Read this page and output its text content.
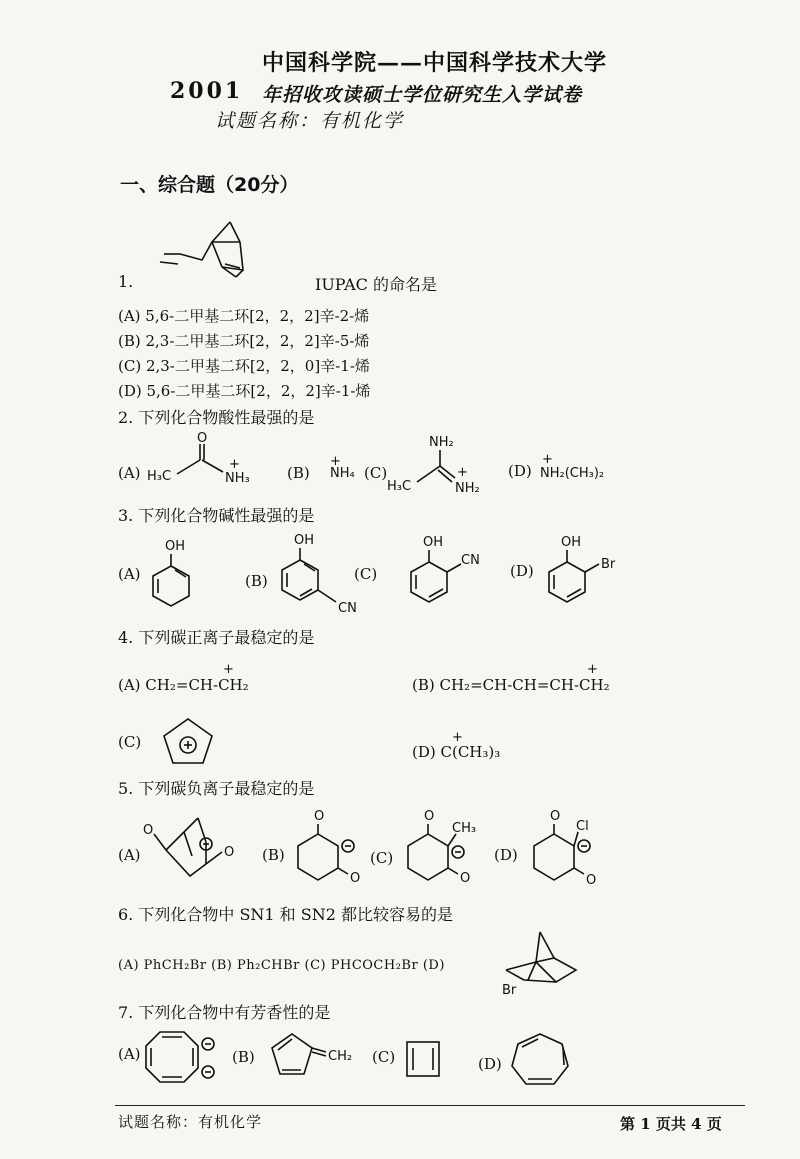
中国科学院——中国科学技术大学
2001 年招收攻读硕士学位研究生入学试卷
试题名称：有机化学
一、综合题（20分）
1.	IUPAC 的命名是
(A) 5,6-二甲基二环[2，2，2]辛-2-烯
(B) 2,3-二甲基二环[2，2，2]辛-5-烯
(C) 2,3-二甲基二环[2，2，0]辛-1-烯
(D) 5,6-二甲基二环[2，2，2]辛-1-烯
2. 下列化合物酸性最强的是
(A) H₃C
O
NH₃
+	(B)
+
NH₄ (C)
NH₂
H₃C	NH₂
+	(D)
+
NH₂(CH₃)₂
3. 下列化合物碱性最强的是
(A)
OH
(B)
OH
CN
(C)
OH
CN
(D)
OH
Br
4. 下列碳正离子最稳定的是
+
(A) CH₂=CH-CH₂
+
(B) CH₂=CH-CH=CH-CH₂
(C)	+
(D) C(CH₃)₃
5. 下列碳负离子最稳定的是
(A)
O
O (B)
O
O
(C)
O
CH₃
O
(D)
O
Cl
O
6. 下列化合物中 SN1 和 SN2 都比较容易的是
(A) PhCH₂Br (B) Ph₂CHBr (C) PHCOCH₂Br (D)
Br
7. 下列化合物中有芳香性的是
(A)	(B)	CH₂ (C)	(D)
试题名称：有机化学	第 1 页共 4 页
